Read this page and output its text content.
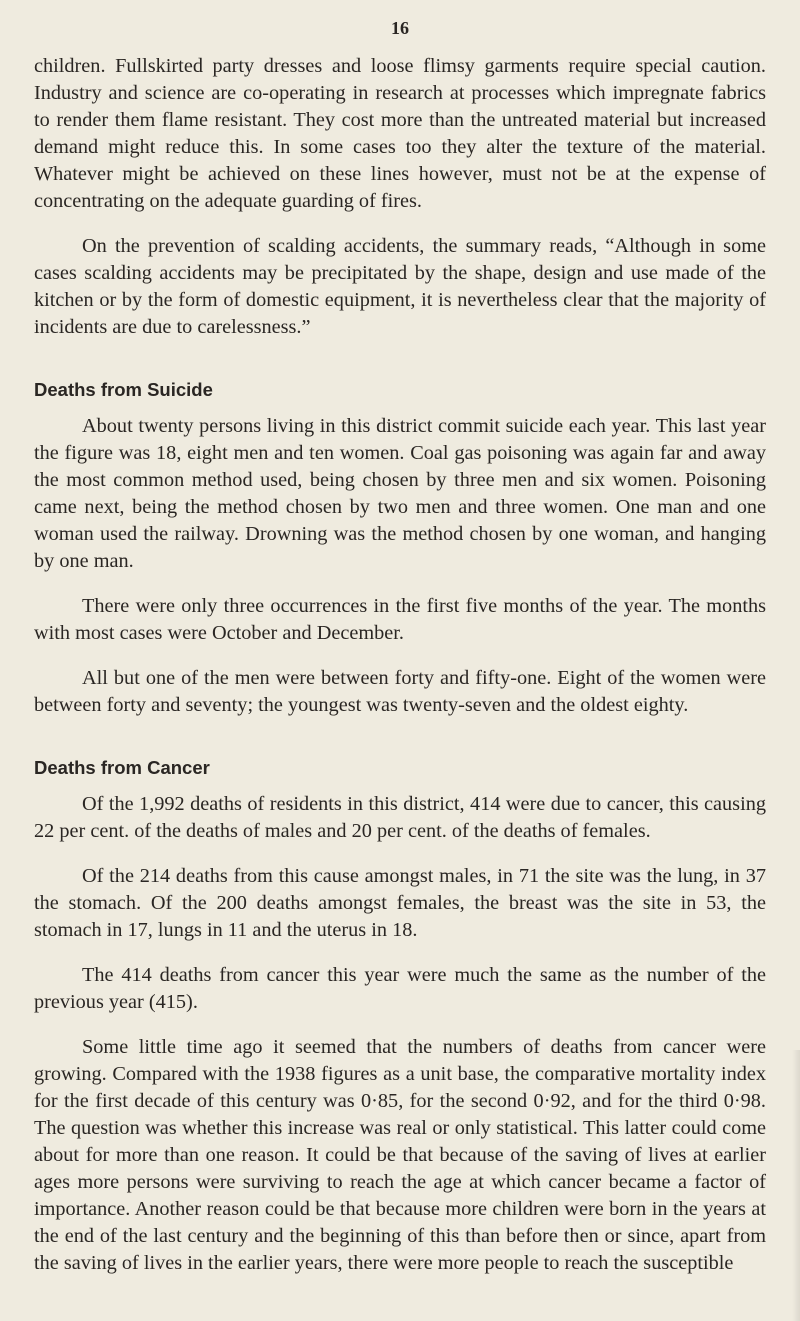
16

children. Fullskirted party dresses and loose flimsy garments require special caution. Industry and science are co-operating in research at processes which impregnate fabrics to render them flame resistant. They cost more than the untreated material but increased demand might reduce this. In some cases too they alter the texture of the material. Whatever might be achieved on these lines however, must not be at the expense of concentrating on the adequate guarding of fires.

On the prevention of scalding accidents, the summary reads, “Although in some cases scalding accidents may be precipitated by the shape, design and use made of the kitchen or by the form of domestic equipment, it is nevertheless clear that the majority of incidents are due to carelessness.”

Deaths from Suicide

About twenty persons living in this district commit suicide each year. This last year the figure was 18, eight men and ten women. Coal gas poisoning was again far and away the most common method used, being chosen by three men and six women. Poisoning came next, being the method chosen by two men and three women. One man and one woman used the railway. Drowning was the method chosen by one woman, and hanging by one man.

There were only three occurrences in the first five months of the year. The months with most cases were October and December.

All but one of the men were between forty and fifty-one. Eight of the women were between forty and seventy; the youngest was twenty-seven and the oldest eighty.

Deaths from Cancer

Of the 1,992 deaths of residents in this district, 414 were due to cancer, this causing 22 per cent. of the deaths of males and 20 per cent. of the deaths of females.

Of the 214 deaths from this cause amongst males, in 71 the site was the lung, in 37 the stomach. Of the 200 deaths amongst females, the breast was the site in 53, the stomach in 17, lungs in 11 and the uterus in 18.

The 414 deaths from cancer this year were much the same as the number of the previous year (415).

Some little time ago it seemed that the numbers of deaths from cancer were growing. Compared with the 1938 figures as a unit base, the comparative mortality index for the first decade of this century was 0·85, for the second 0·92, and for the third 0·98. The question was whether this increase was real or only statistical. This latter could come about for more than one reason. It could be that because of the saving of lives at earlier ages more persons were surviving to reach the age at which cancer became a factor of importance. Another reason could be that because more children were born in the years at the end of the last century and the beginning of this than before then or since, apart from the saving of lives in the earlier years, there were more people to reach the susceptible
